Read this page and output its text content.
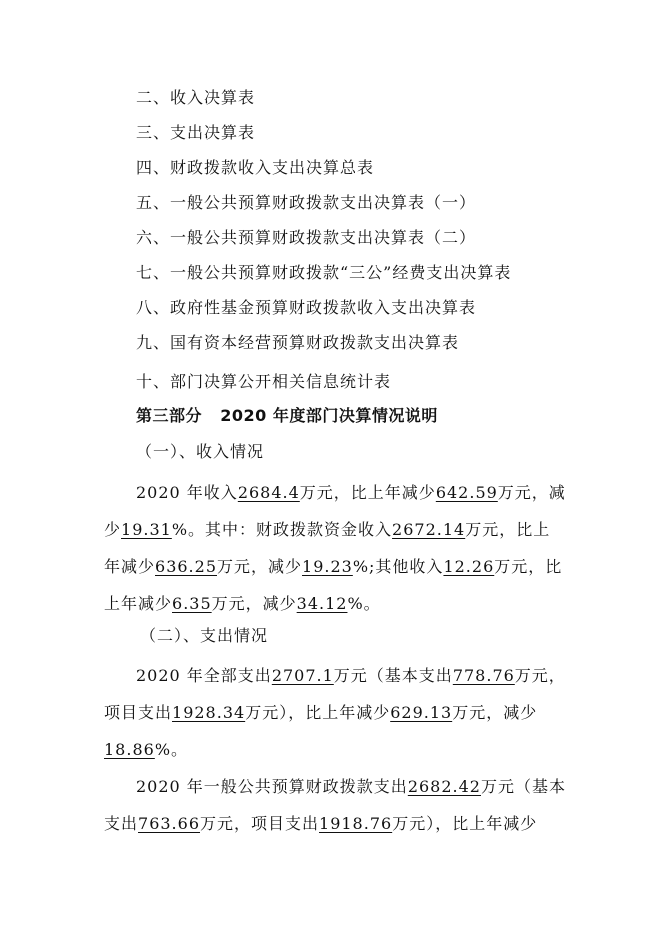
二、收入决算表
三、支出决算表
四、财政拨款收入支出决算总表
五、一般公共预算财政拨款支出决算表（一）
六、一般公共预算财政拨款支出决算表（二）
七、一般公共预算财政拨款“三公”经费支出决算表
八、政府性基金预算财政拨款收入支出决算表
九、国有资本经营预算财政拨款支出决算表
十、部门决算公开相关信息统计表
第三部分   2020 年度部门决算情况说明
（一）、收入情况
2020 年收入2684.4万元，比上年减少642.59万元，减少19.31%。其中：财政拨款资金收入2672.14万元，比上年减少636.25万元，减少19.23%;其他收入12.26万元，比上年减少6.35万元，减少34.12%。
（二）、支出情况
2020 年全部支出2707.1万元（基本支出778.76万元，项目支出1928.34万元），比上年减少629.13万元，减少18.86%。
2020 年一般公共预算财政拨款支出2682.42万元（基本支出763.66万元，项目支出1918.76万元），比上年减少
